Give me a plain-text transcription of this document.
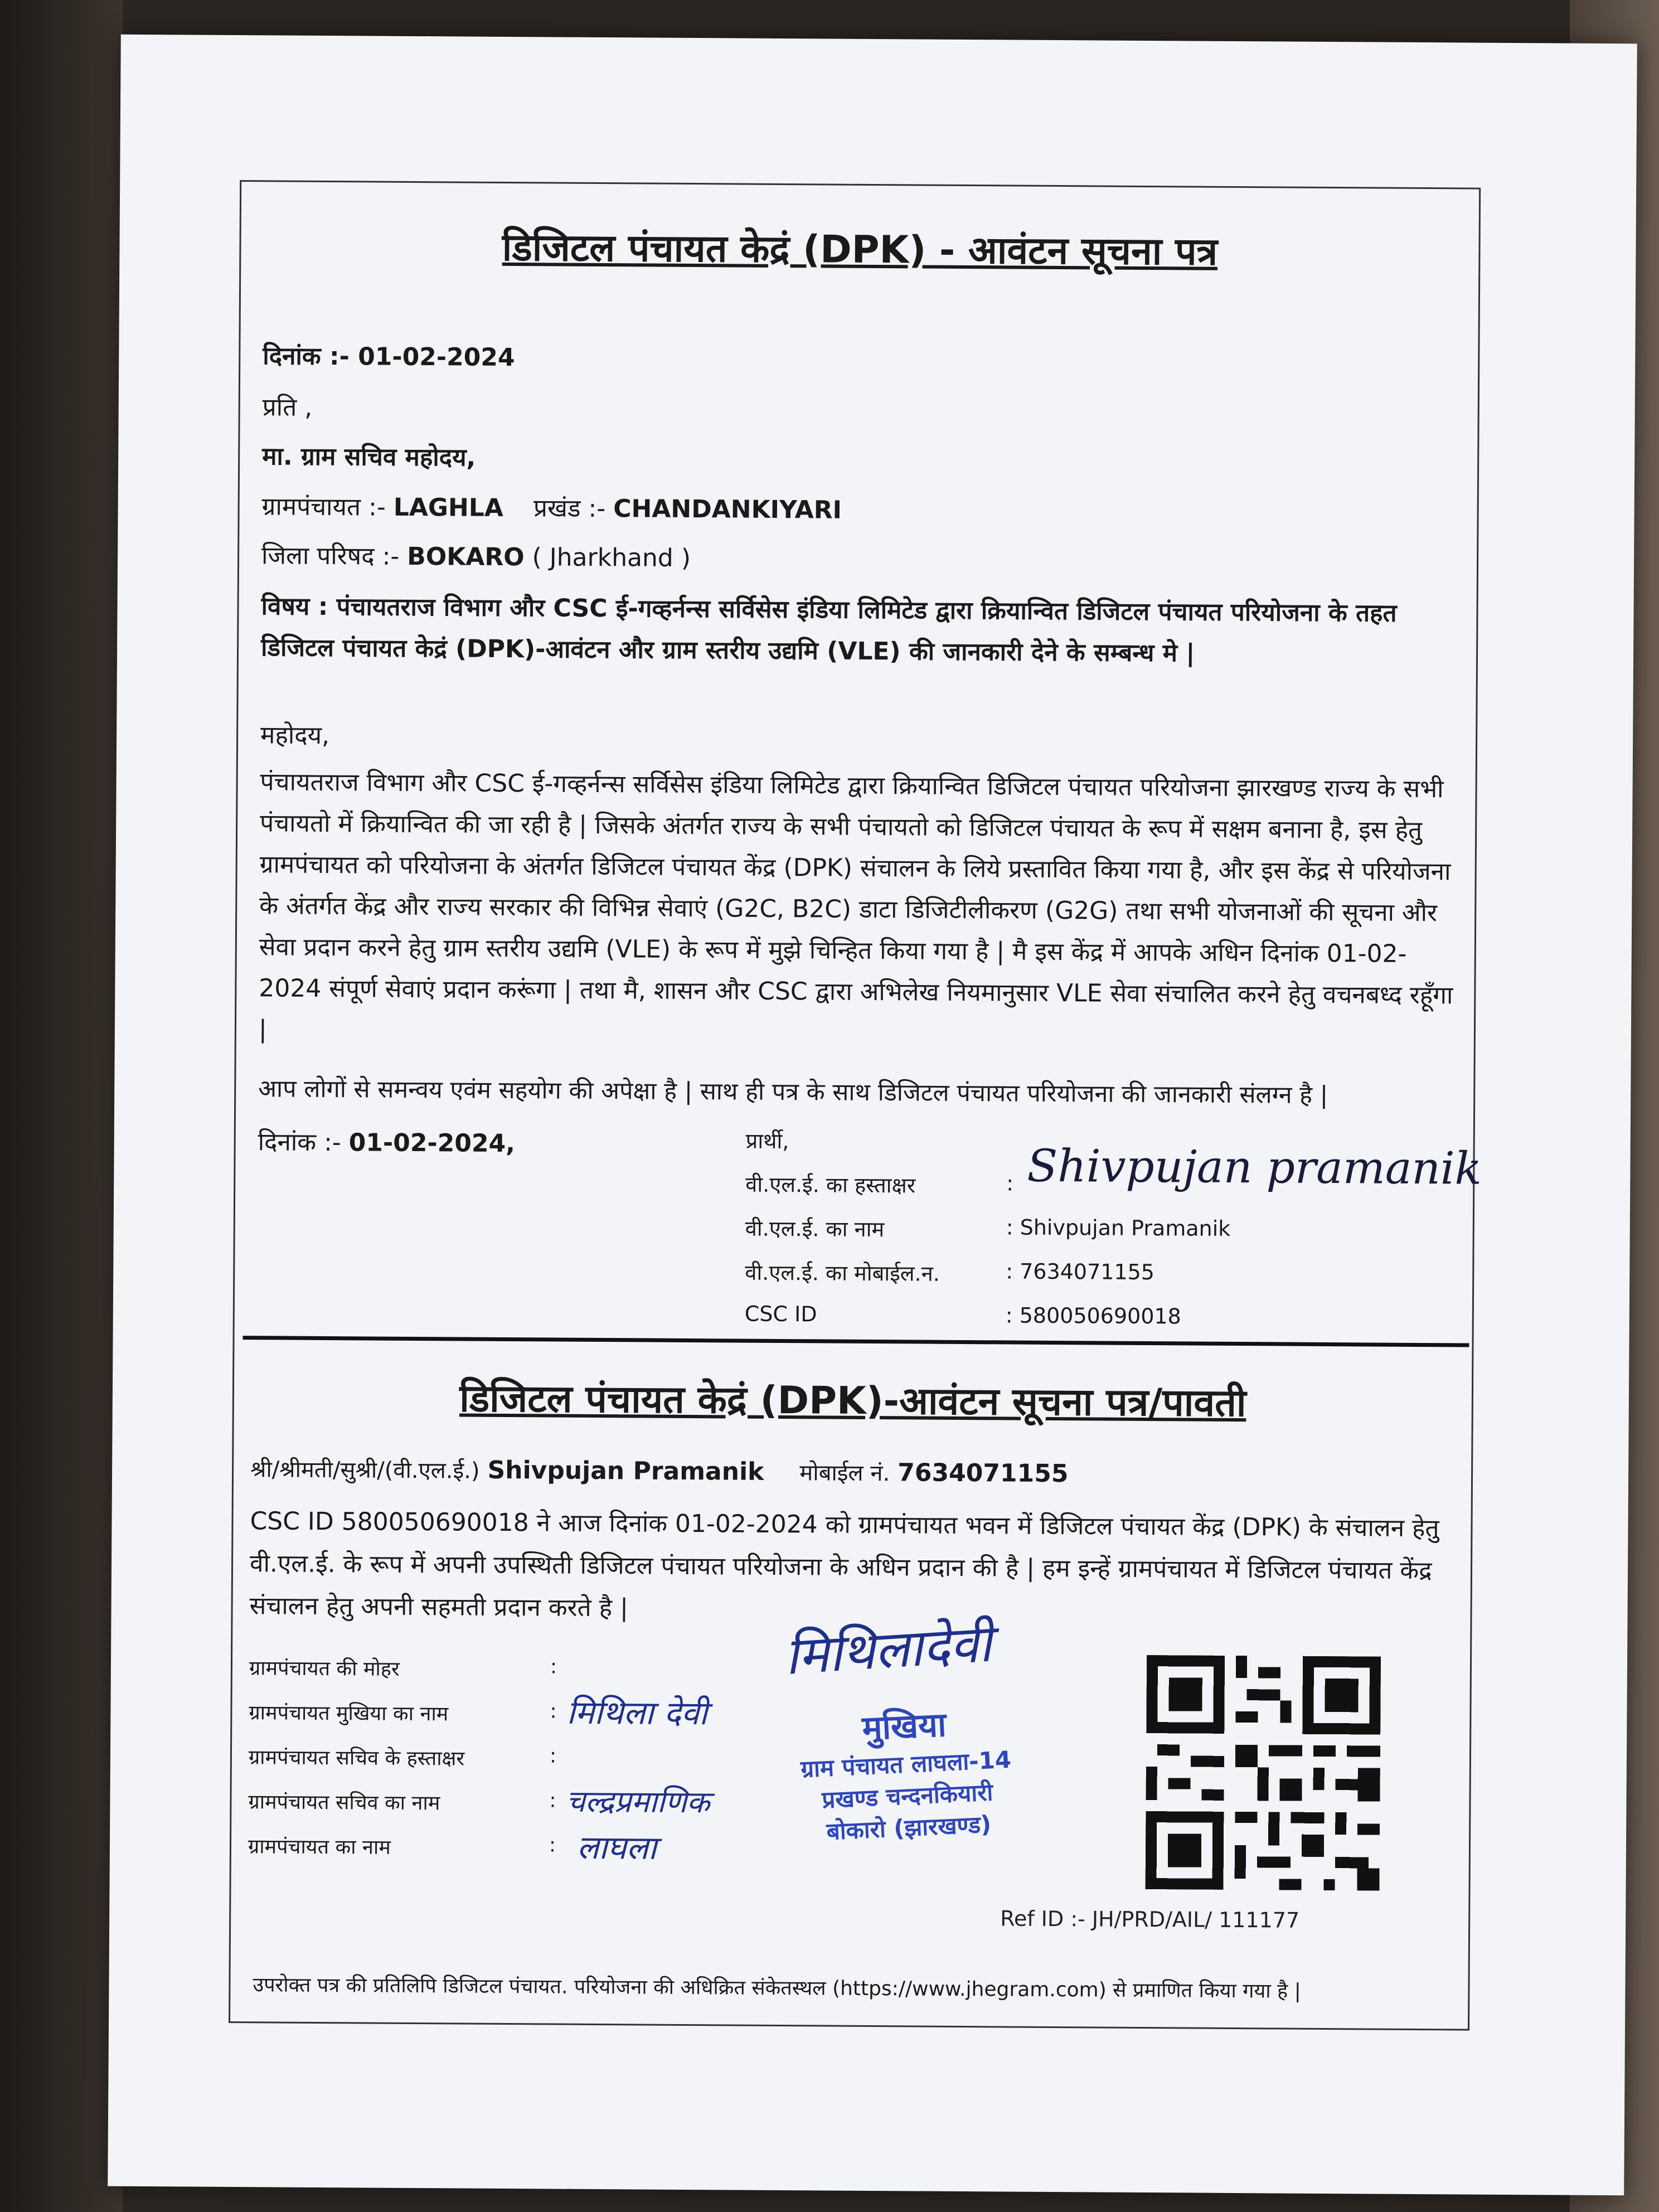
डिजिटल पंचायत केद्रं (DPK) - आवंटन सूचना पत्र
दिनांक :- 01-02-2024
प्रति ,
मा. ग्राम सचिव महोदय,
ग्रामपंचायत :- LAGHLA प्रखंड :- CHANDANKIYARI
जिला परिषद :- BOKARO ( Jharkhand )
विषय : पंचायतराज विभाग और CSC ई-गव्हर्नन्स सर्विसेस इंडिया लिमिटेड द्वारा क्रियान्वित डिजिटल पंचायत परियोजना के तहत डिजिटल पंचायत केद्रं (DPK)-आवंटन और ग्राम स्तरीय उद्यमि (VLE) की जानकारी देने के सम्बन्ध मे |
महोदय,
पंचायतराज विभाग और CSC ई-गव्हर्नन्स सर्विसेस इंडिया लिमिटेड द्वारा क्रियान्वित डिजिटल पंचायत परियोजना झारखण्ड राज्य के सभी पंचायतो में क्रियान्वित की जा रही है | जिसके अंतर्गत राज्य के सभी पंचायतो को डिजिटल पंचायत के रूप में सक्षम बनाना है, इस हेतु ग्रामपंचायत को परियोजना के अंतर्गत डिजिटल पंचायत केंद्र (DPK) संचालन के लिये प्रस्तावित किया गया है, और इस केंद्र से परियोजना के अंतर्गत केंद्र और राज्य सरकार की विभिन्न सेवाएं (G2C, B2C) डाटा डिजिटीलीकरण (G2G) तथा सभी योजनाओं की सूचना और सेवा प्रदान करने हेतु ग्राम स्तरीय उद्यमि (VLE) के रूप में मुझे चिन्हित किया गया है | मै इस केंद्र में आपके अधिन दिनांक 01-02-2024 संपूर्ण सेवाएं प्रदान करूंगा | तथा मै, शासन और CSC द्वारा अभिलेख नियमानुसार VLE सेवा संचालित करने हेतु वचनबध्द रहूँगा |
आप लोगों से समन्वय एवंम सहयोग की अपेक्षा है | साथ ही पत्र के साथ डिजिटल पंचायत परियोजना की जानकारी संलग्न है |
दिनांक :- 01-02-2024,	प्रार्थी,
वी.एल.ई. का हस्ताक्षर	: Shivpujan pramanik
वी.एल.ई. का नाम	: Shivpujan Pramanik
वी.एल.ई. का मोबाईल.न.	: 7634071155
CSC ID	: 580050690018
डिजिटल पंचायत केद्रं (DPK)-आवंटन सूचना पत्र/पावती
श्री/श्रीमती/सुश्री/(वी.एल.ई.) Shivpujan Pramanik मोबाईल नं. 7634071155
CSC ID 580050690018 ने आज दिनांक 01-02-2024 को ग्रामपंचायत भवन में डिजिटल पंचायत केंद्र (DPK) के संचालन हेतु वी.एल.ई. के रूप में अपनी उपस्थिती डिजिटल पंचायत परियोजना के अधिन प्रदान की है | हम इन्हें ग्रामपंचायत में डिजिटल पंचायत केंद्र संचालन हेतु अपनी सहमती प्रदान करते है |
ग्रामपंचायत की मोहर	:
ग्रामपंचायत मुखिया का नाम	: मिथिला देवी
ग्रामपंचायत सचिव के हस्ताक्षर	:
ग्रामपंचायत सचिव का नाम	: चल्द्रप्रमाणिक
ग्रामपंचायत का नाम	: लाघला
मिथिलादेवी
मुखिया
ग्राम पंचायत लाघला-14
प्रखण्ड चन्दनकियारी
बोकारो (झारखण्ड)
Ref ID :- JH/PRD/AIL/ 111177
उपरोक्त पत्र की प्रतिलिपि डिजिटल पंचायत. परियोजना की अधिक्रित संकेतस्थल (https://www.jhegram.com) से प्रमाणित किया गया है |
